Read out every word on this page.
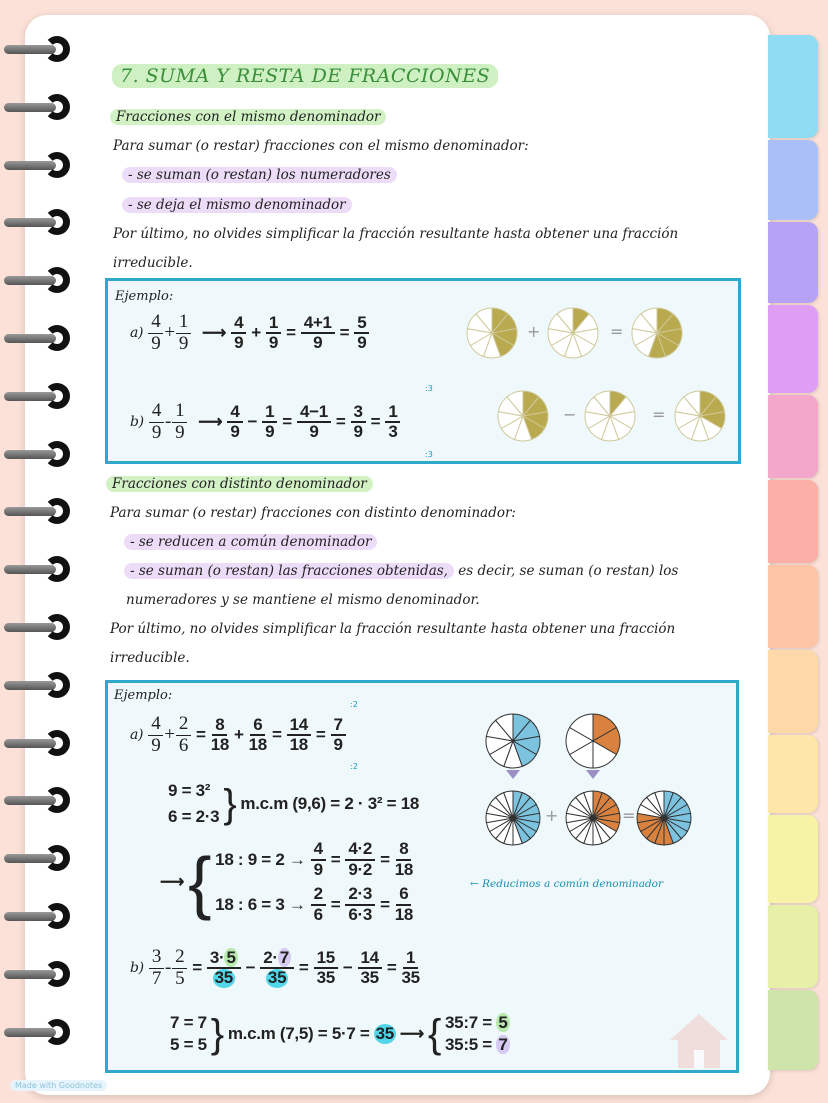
7. SUMA Y RESTA DE FRACCIONES
Fracciones con el mismo denominador
Para sumar (o restar) fracciones con el mismo denominador:
- se suman (o restan) los numeradores
- se deja el mismo denominador
Por último, no olvides simplificar la fracción resultante hasta obtener una fracción
irreducible.
Ejemplo:
$a) \frac{4}{9} + \frac{1}{9}$ ⟶ $\frac{4}{9} + \frac{1}{9} = \frac{4+1}{9} = \frac{5}{9}$
$b) \frac{4}{9} - \frac{1}{9}$ ⟶ $\frac{4}{9} - \frac{1}{9} = \frac{4-1}{9} = \frac{3}{9} = \frac{1}{3}$
:3
:3
Fracciones con distinto denominador
Para sumar (o restar) fracciones con distinto denominador:
- se reducen a común denominador
- se suman (o restan) las fracciones obtenidas, es decir, se suman (o restan) los
numeradores y se mantiene el mismo denominador.
Por último, no olvides simplificar la fracción resultante hasta obtener una fracción
irreducible.
Ejemplo:
$a) \frac{4}{9} + \frac{2}{6} = \frac{8}{18} + \frac{6}{18} = \frac{14}{18} = \frac{7}{9}$
:2
:2
9 = 3²
6 = 2·3 } m.c.m (9,6) = 2 · 3² = 18
⟶ { 18 : $9 = 2 \to \frac{4}{9} = \frac{4\cdot 2}{9\cdot 2} = \frac{8}{18}$
18 : $6 = 3 \to \frac{2}{6} = \frac{2\cdot 3}{6\cdot 3} = \frac{6}{18}$
← Reducimos a común denominador
$b) \frac{3}{7} - \frac{2}{5} = \frac{3\cdot 5}{35} - \frac{2\cdot 7}{35} = \frac{15}{35} - \frac{14}{35} = \frac{1}{35}$
7 = 7
5 = 5 } m.c.m (7,5) = 5·7 = 35 ⟶ { 35:7 = 5
35:5 = 7
Made with Goodnotes
+	=
−	=
+	=
